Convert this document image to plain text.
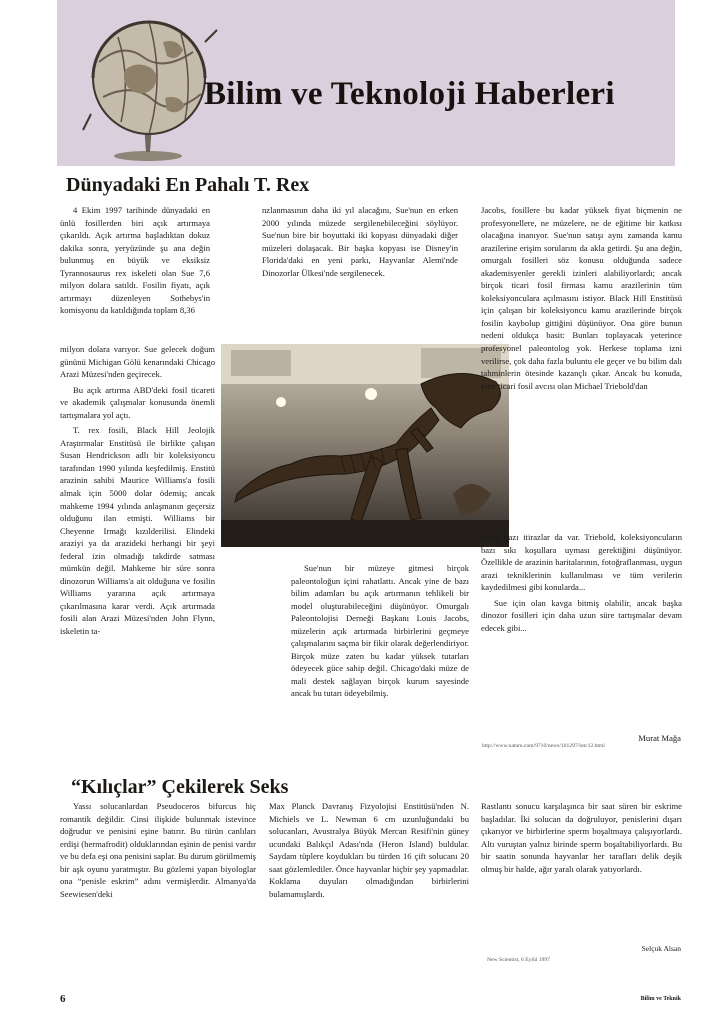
Bilim ve Teknoloji Haberleri
Dünyadaki En Pahalı T. Rex

4 Ekim 1997 tarihinde dünyadaki en ünlü fosillerden biri açık artırmaya çıkarıldı. Açık artırma başladıktan dokuz dakika sonra, yeryüzünde şu ana değin bulunmuş en büyük ve eksiksiz Tyrannosaurus rex iskeleti olan Sue 7,6 milyon dolara satıldı. Fosilin fiyatı, açık artırmayı düzenleyen Sothebys'in komisyonu da katıldığında toplam 8,36

milyon dolara varıyor. Sue gelecek doğum gününü Michigan Gölü kenarındaki Chicago Arazi Müzesi'nden geçirecek.

Bu açık artırma ABD'deki fosil ticareti ve akademik çalışmalar konusunda önemli tartışmalara yol açtı.

T. rex fosili, Black Hill Jeolojik Araştırmalar Enstitüsü ile birlikte çalışan Susan Hendrickson adlı bir koleksiyoncu tarafından 1990 yılında keşfedilmiş. Enstitü arazinin sahibi Maurice Williams'a fosili almak için 5000 dolar ödemiş; ancak mahkeme 1994 yılında anlaşmanın geçersiz olduğunu ilan etmişti. Williams bir Cheyenne Irmağı kızılderilisi. Elindeki araziyi ya da arazideki herhangi bir şeyi federal izin olmadığı takdirde satması mümkün değil. Mahkeme bir süre sonra dinozorun Williams'a ait olduğuna ve fosilin Williams yararına açık artırmaya çıkarılmasına karar verdi. Açık artırmada fosili alan Arazi Müzesi'nden John Flynn, iskeletin ta-

nzlanmasının daha iki yıl alacağını, Sue'nun en erken 2000 yılında müzede sergilenebileceğini söylüyor. Sue'nun bire bir boyuttaki iki kopyası dünyadaki diğer müzeleri dolaşacak. Bir başka kopyası ise Disney'in Florida'daki en yeni parkı, Hayvanlar Alemi'nde Dinozorlar Ülkesi'nde sergilenecek.

Jacobs, fosillere bu kadar yüksek fiyat biçmenin ne profesyonellere, ne müzelere, ne de eğitime bir katkısı olacağına inanıyor. Sue'nun satışı aynı zamanda kamu arazilerine erişim sorularını da akla getirdi. Şu ana değin, omurgalı fosilleri söz konusu olduğunda sadece akademisyenler gerekli izinleri alabiliyorlardı; ancak birçok ticari fosil firması kamu arazilerinin tüm koleksiyonculara açılmasını istiyor. Black Hill Enstitüsü için çalışan bir koleksiyoncu kamu arazilerinde birçok fosilin kaybolup gittiğini düşünüyor. Ona göre bunun nedeni oldukça basit: Bunları toplayacak yeterince profesyonel paleontolog yok. Herkese toplama izni verilirse, çok daha fazla buluntu ele geçer ve bu bilim dalı tahminlerin ötesinde kazançlı çıkar. Ancak bu konuda, yine ticari fosil avcısı olan Michael Triebold'dan

Sue'nun bir müzeye gitmesi birçok paleontoloğun içini rahatlattı. Ancak yine de bazı bilim adamları bu açık artırmanın tehlikeli bir model oluşturabileceğini düşünüyor. Omurgalı Paleontolojisi Derneği Başkanı Louis Jacobs, müzelerin açık artırmada birbirlerini geçmeye çalışmalarını saçma bir fikir olarak değerlendiriyor. Birçok müze zaten bu kadar yüksek tutarları ödeyecek güce sahip değil. Chicago'daki müze de mali destek sağlayan birçok kurum sayesinde ancak bu tutarı ödeyebilmiş.

gelen bazı itirazlar da var. Triebold, koleksiyoncuların bazı sıkı koşullara uyması gerektiğini düşünüyor. Özellikle de arazinin haritalarının, fotoğraflanması, uygun arazi tekniklerinin kullanılması ve tüm verilerin kaydedilmesi gibi konularda...

Sue için olan kavga bitmiş olabilir, ancak başka dinozor fosilleri için daha uzun süre tartışmalar devam edecek gibi...

Murat Mağa
http://www.nature.com/9710/news/101297/lotc12.html
“Kılıçlar” Çekilerek Seks

Yassı solucanlardan Pseudoceros bifurcus hiç romantik değildir. Cinsi ilişkide bulunmak istevince doğrudur ve penisini eşine batırır. Bu türün canlıları erdişi (hermafrodit) olduklarından eşinin de penisi vardır ve bu defa eşi ona penisini saplar. Bu durum görülmemiş bir aşk oyunu yaratmıştır. Bu gözlemi yapan biyologlar ona “penisle eskrim” adını vermişlerdir. Almanya'da Seewiesen'deki

Max Planck Davranış Fizyolojisi Enstitüsü'nden N. Michiels ve L. Newman 6 cm uzunluğundaki bu solucanları, Avustralya Büyük Mercan Resifi'nin güney ucundaki Balıkçıl Adası'nda (Heron Island) buldular. Saydam tüplere koydukları bu türden 16 çift solucanı 20 saat gözlemlediler. Önce hayvanlar hiçbir şey yapmadılar. Koklama duyuları olmadığından birbirlerini bulamamışlardı.

Rastlantı sonucu karşılaşınca bir saat süren bir eskrime başladılar. İki solucan da doğruluyor, penislerini dışarı çıkarıyor ve birbirlerine sperm boşaltmaya çalışıyorlardı. Altı vuruştan yalnız birinde sperm boşaltabiliyorlardı. Bu bir saatin sonunda hayvanlar her tarafları delik deşik olmuş bir halde, ağır yaralı olarak yatıyorlardı.

Selçuk Alsan
New Scientist, 6 Eylül 1997
6	Bilim ve Teknik
